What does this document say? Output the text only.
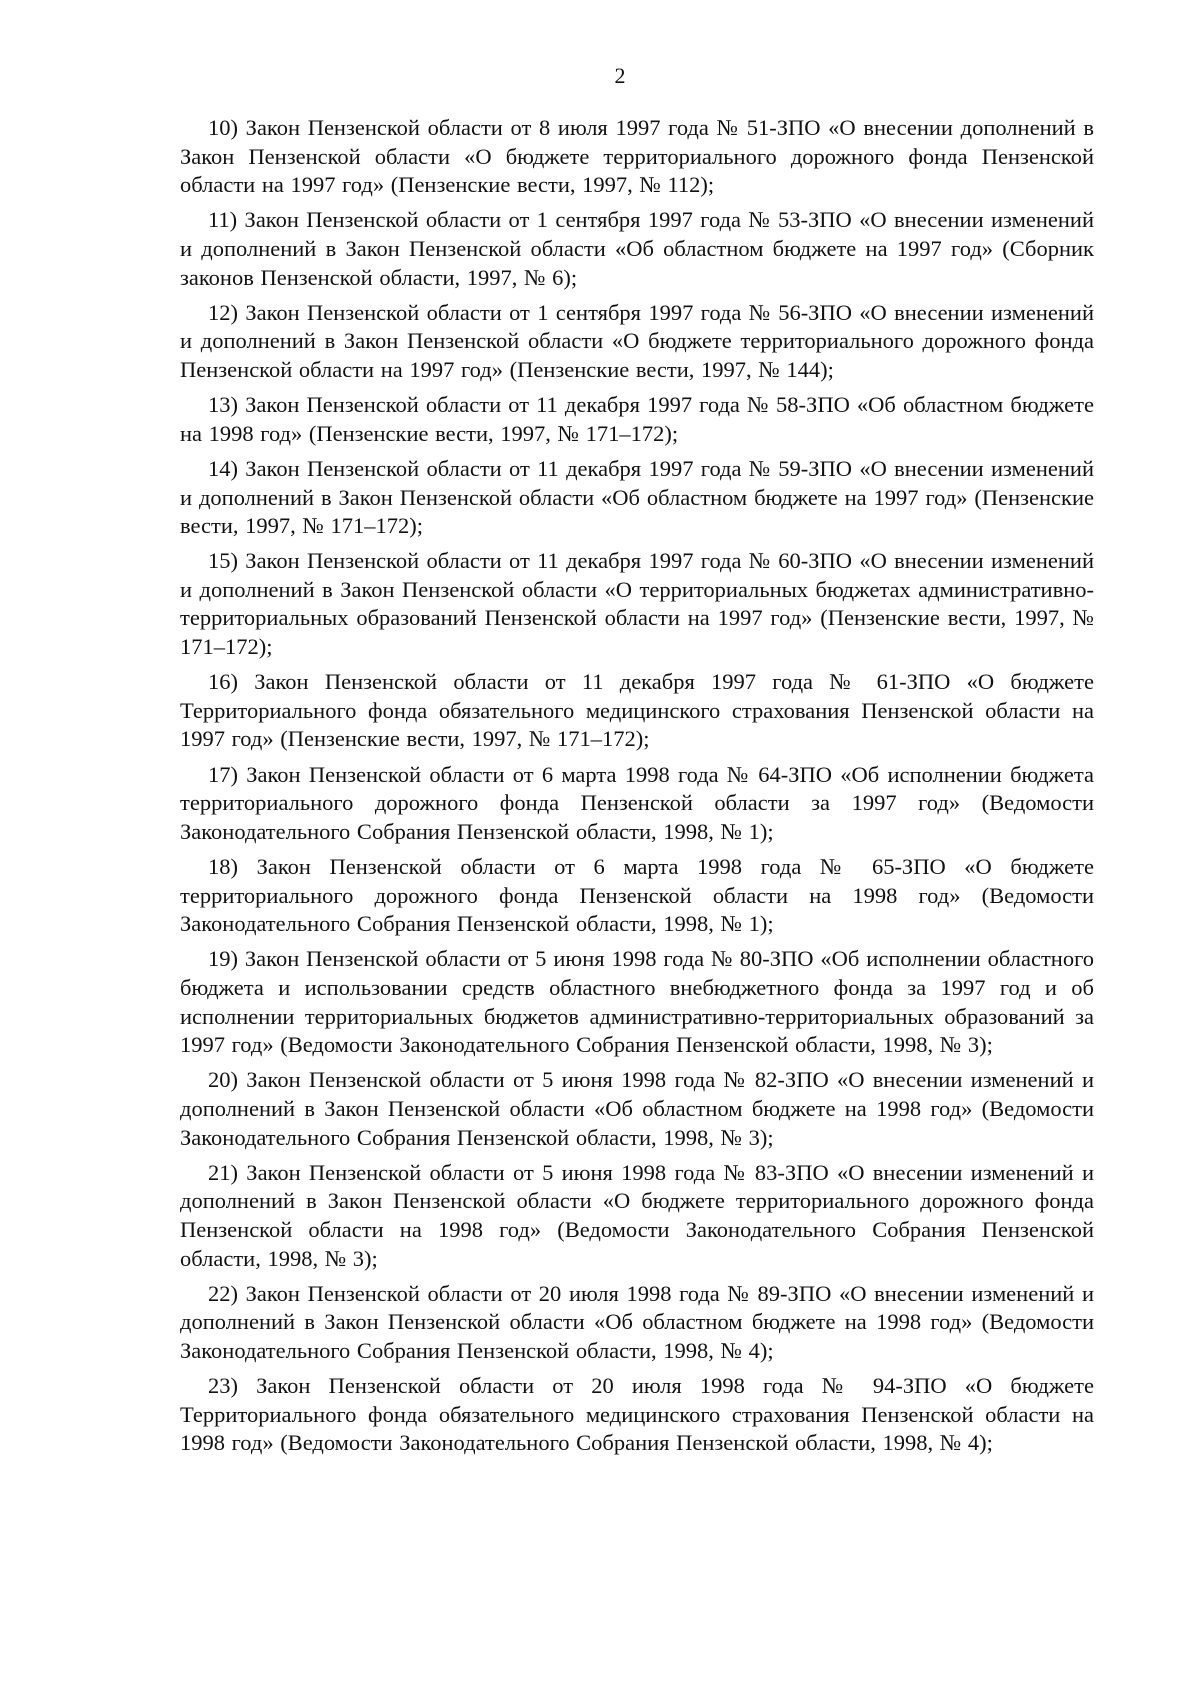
2

10) Закон Пензенской области от 8 июля 1997 года № 51-ЗПО «О внесении дополнений в Закон Пензенской области «О бюджете территориального дорожного фонда Пензенской области на 1997 год» (Пензенские вести, 1997, № 112);

11) Закон Пензенской области от 1 сентября 1997 года № 53-ЗПО «О внесении изменений и дополнений в Закон Пензенской области «Об областном бюджете на 1997 год» (Сборник законов Пензенской области, 1997, № 6);

12) Закон Пензенской области от 1 сентября 1997 года № 56-ЗПО «О внесении изменений и дополнений в Закон Пензенской области «О бюджете территориального дорожного фонда Пензенской области на 1997 год» (Пензенские вести, 1997, № 144);

13) Закон Пензенской области от 11 декабря 1997 года № 58-ЗПО «Об областном бюджете на 1998 год» (Пензенские вести, 1997, № 171–172);

14) Закон Пензенской области от 11 декабря 1997 года № 59-ЗПО «О внесении изменений и дополнений в Закон Пензенской области «Об областном бюджете на 1997 год» (Пензенские вести, 1997, № 171–172);

15) Закон Пензенской области от 11 декабря 1997 года № 60-ЗПО «О внесении изменений и дополнений в Закон Пензенской области «О территориальных бюджетах административно-территориальных образований Пензенской области на 1997 год» (Пензенские вести, 1997, № 171–172);

16) Закон Пензенской области от 11 декабря 1997 года № 61-ЗПО «О бюджете Территориального фонда обязательного медицинского страхования Пензенской области на 1997 год» (Пензенские вести, 1997, № 171–172);

17) Закон Пензенской области от 6 марта 1998 года № 64-ЗПО «Об исполнении бюджета территориального дорожного фонда Пензенской области за 1997 год» (Ведомости Законодательного Собрания Пензенской области, 1998, № 1);

18) Закон Пензенской области от 6 марта 1998 года № 65-ЗПО «О бюджете территориального дорожного фонда Пензенской области на 1998 год» (Ведомости Законодательного Собрания Пензенской области, 1998, № 1);

19) Закон Пензенской области от 5 июня 1998 года № 80-ЗПО «Об исполнении областного бюджета и использовании средств областного внебюджетного фонда за 1997 год и об исполнении территориальных бюджетов административно-территориальных образований за 1997 год» (Ведомости Законодательного Собрания Пензенской области, 1998, № 3);

20) Закон Пензенской области от 5 июня 1998 года № 82-ЗПО «О внесении изменений и дополнений в Закон Пензенской области «Об областном бюджете на 1998 год» (Ведомости Законодательного Собрания Пензенской области, 1998, № 3);

21) Закон Пензенской области от 5 июня 1998 года № 83-ЗПО «О внесении изменений и дополнений в Закон Пензенской области «О бюджете территориального дорожного фонда Пензенской области на 1998 год» (Ведомости Законодательного Собрания Пензенской области, 1998, № 3);

22) Закон Пензенской области от 20 июля 1998 года № 89-ЗПО «О внесении изменений и дополнений в Закон Пензенской области «Об областном бюджете на 1998 год» (Ведомости Законодательного Собрания Пензенской области, 1998, № 4);

23) Закон Пензенской области от 20 июля 1998 года № 94-ЗПО «О бюджете Территориального фонда обязательного медицинского страхования Пензенской области на 1998 год» (Ведомости Законодательного Собрания Пензенской области, 1998, № 4);
